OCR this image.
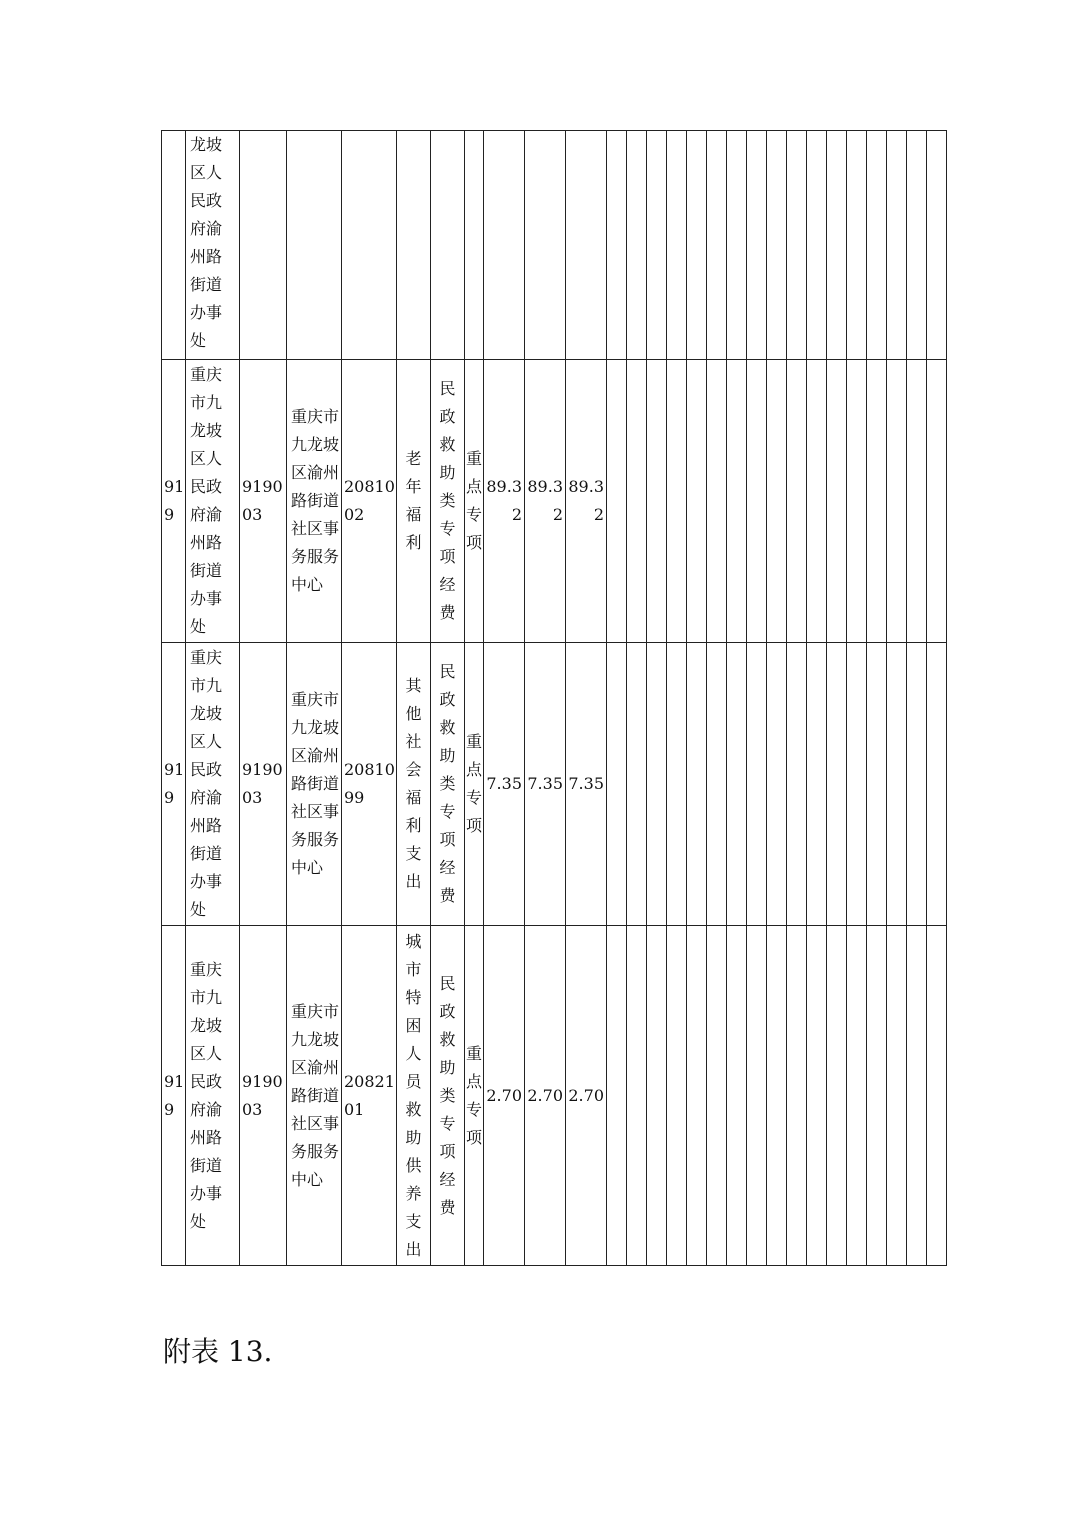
	龙坡区人民政府渝州路街道办事处																										

919	重庆市九龙坡区人民政府渝州路街道办事处	919003	重庆市九龙坡区渝州路街道社区事务服务中心	2081002	老年福利	民政救助类专项经费	重点专项	89.32	89.32	89.32																	

919	重庆市九龙坡区人民政府渝州路街道办事处	919003	重庆市九龙坡区渝州路街道社区事务服务中心	2081099	其他社会福利支出	民政救助类专项经费	重点专项	7.35	7.35	7.35																	

919	重庆市九龙坡区人民政府渝州路街道办事处	919003	重庆市九龙坡区渝州路街道社区事务服务中心	2082101	城市特困人员救助供养支出	民政救助类专项经费	重点专项	2.70	2.70	2.70																	

附表 13.
